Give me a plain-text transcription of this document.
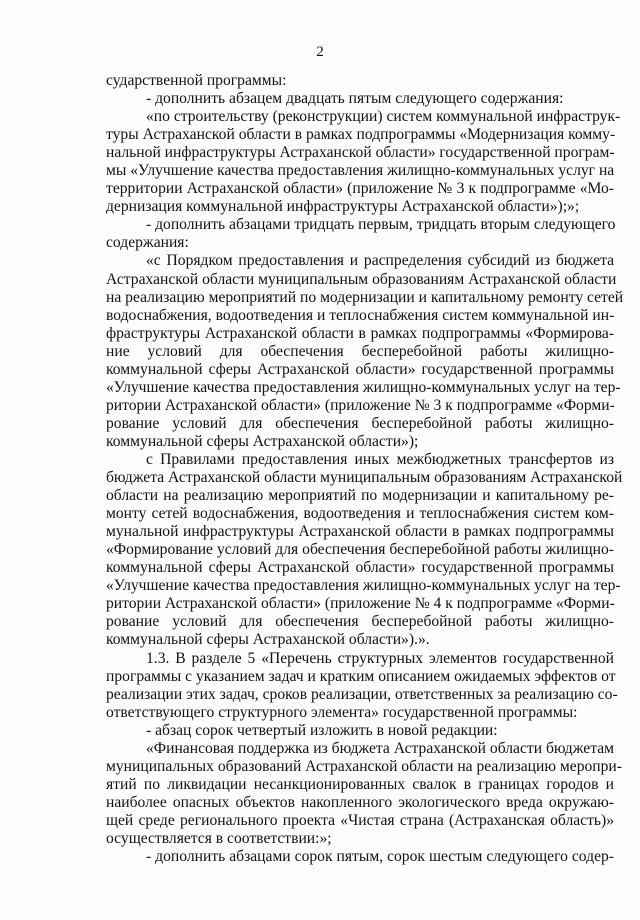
2
сударственной программы:
- дополнить абзацем двадцать пятым следующего содержания:
«по строительству (реконструкции) систем коммунальной инфраструк-
туры Астраханской области в рамках подпрограммы «Модернизация комму-
нальной инфраструктуры Астраханской области» государственной програм-
мы «Улучшение качества предоставления жилищно-коммунальных услуг на
территории Астраханской области» (приложение № 3 к подпрограмме «Мо-
дернизация коммунальной инфраструктуры Астраханской области»);»;
- дополнить абзацами тридцать первым, тридцать вторым следующего
содержания:
«с Порядком предоставления и распределения субсидий из бюджета
Астраханской области муниципальным образованиям Астраханской области
на реализацию мероприятий по модернизации и капитальному ремонту сетей
водоснабжения, водоотведения и теплоснабжения систем коммунальной ин-
фраструктуры Астраханской области в рамках подпрограммы «Формирова-
ние условий для обеспечения бесперебойной работы жилищно-
коммунальной сферы Астраханской области» государственной программы
«Улучшение качества предоставления жилищно-коммунальных услуг на тер-
ритории Астраханской области» (приложение № 3 к подпрограмме «Форми-
рование условий для обеспечения бесперебойной работы жилищно-
коммунальной сферы Астраханской области»);
с Правилами предоставления иных межбюджетных трансфертов из
бюджета Астраханской области муниципальным образованиям Астраханской
области на реализацию мероприятий по модернизации и капитальному ре-
монту сетей водоснабжения, водоотведения и теплоснабжения систем ком-
мунальной инфраструктуры Астраханской области в рамках подпрограммы
«Формирование условий для обеспечения бесперебойной работы жилищно-
коммунальной сферы Астраханской области» государственной программы
«Улучшение качества предоставления жилищно-коммунальных услуг на тер-
ритории Астраханской области» (приложение № 4 к подпрограмме «Форми-
рование условий для обеспечения бесперебойной работы жилищно-
коммунальной сферы Астраханской области»).».
1.3. В разделе 5 «Перечень структурных элементов государственной
программы с указанием задач и кратким описанием ожидаемых эффектов от
реализации этих задач, сроков реализации, ответственных за реализацию со-
ответствующего структурного элемента» государственной программы:
- абзац сорок четвертый изложить в новой редакции:
«Финансовая поддержка из бюджета Астраханской области бюджетам
муниципальных образований Астраханской области на реализацию меропри-
ятий по ликвидации несанкционированных свалок в границах городов и
наиболее опасных объектов накопленного экологического вреда окружаю-
щей среде регионального проекта «Чистая страна (Астраханская область)»
осуществляется в соответствии:»;
- дополнить абзацами сорок пятым, сорок шестым следующего содер-
